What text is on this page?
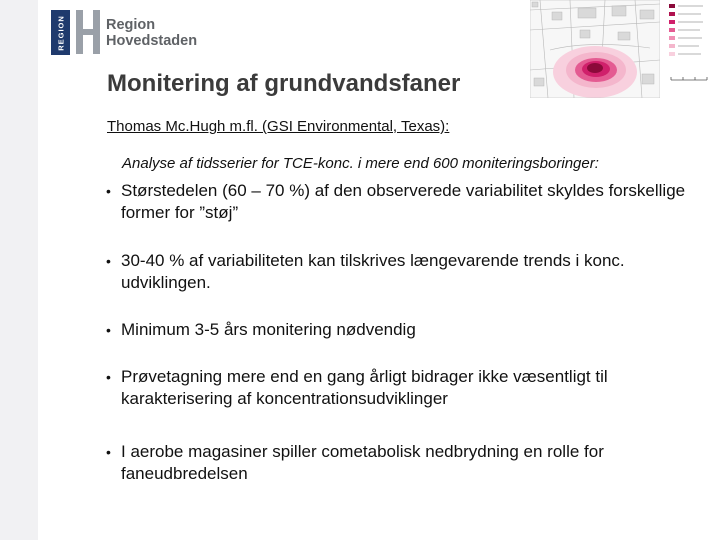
REGION	Region
Hovedstaden
Monitering af grundvandsfaner
Thomas Mc.Hugh m.fl. (GSI Environmental, Texas):
Analyse af tidsserier for TCE-konc. i mere end 600 moniteringsboringer:
• Størstedelen (60 – 70 %) af den observerede variabilitet skyldes forskellige former for ”støj”
• 30-40 % af variabiliteten kan tilskrives længevarende trends i konc. udviklingen.
• Minimum 3-5 års monitering nødvendig
• Prøvetagning mere end en gang årligt bidrager ikke væsentligt til karakterisering af koncentrationsudviklinger
• I aerobe magasiner spiller cometabolisk nedbrydning en rolle for faneudbredelsen
